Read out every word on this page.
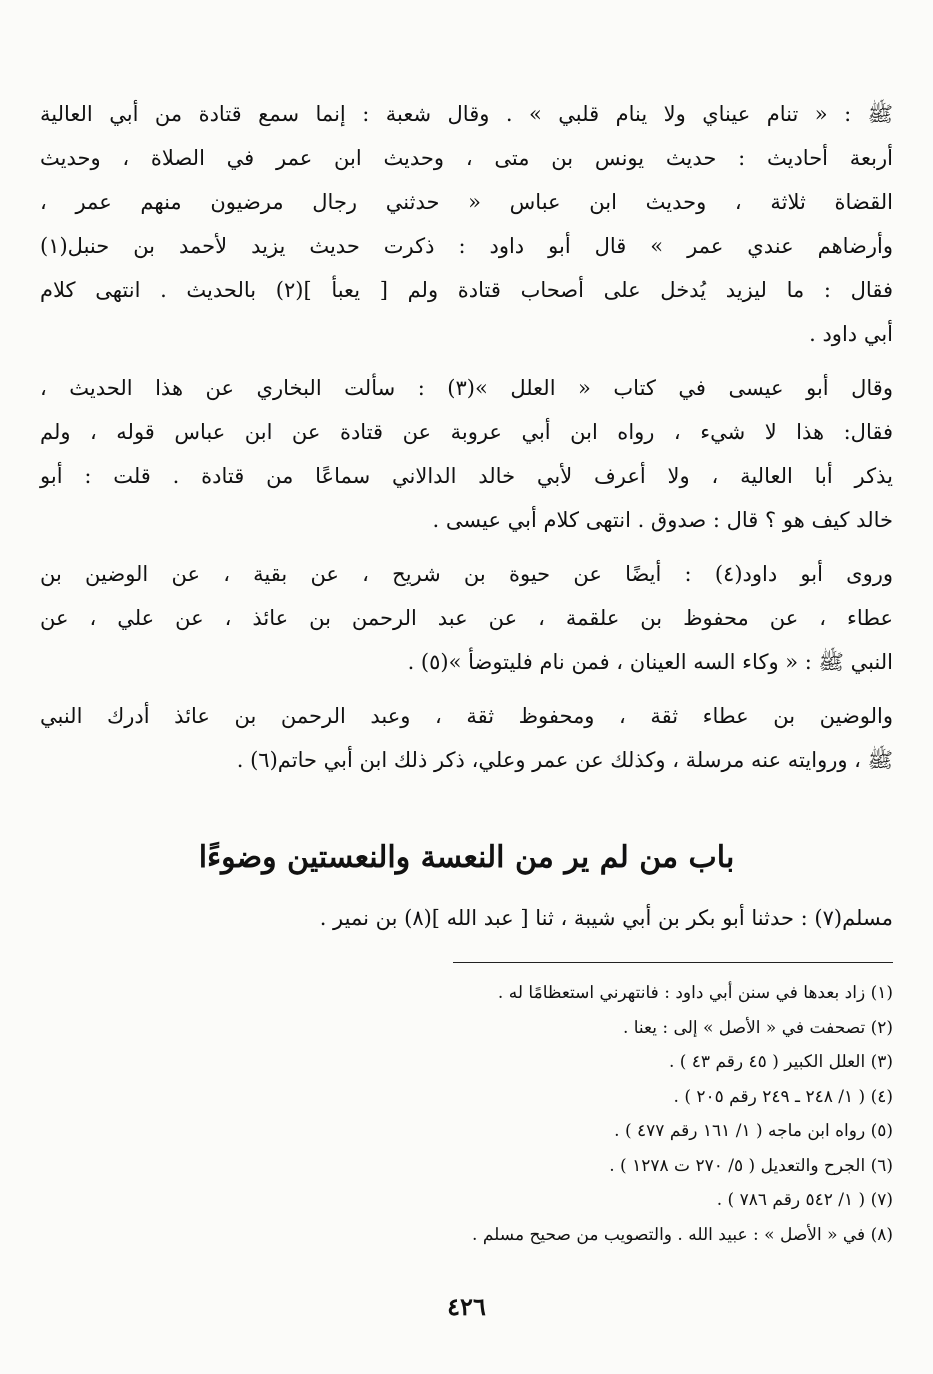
ﷺ : « تنام عيناي ولا ينام قلبي » . وقال شعبة : إنما سمع قتادة من أبي العالية
أربعة أحاديث : حديث يونس بن متى ، وحديث ابن عمر في الصلاة ، وحديث
القضاة ثلاثة ، وحديث ابن عباس « حدثني رجال مرضيون منهم عمر ،
وأرضاهم عندي عمر » قال أبو داود : ذكرت حديث يزيد لأحمد بن حنبل(١)
فقال : ما ليزيد يُدخل على أصحاب قتادة ولم [ يعبأ ](٢) بالحديث . انتهى كلام
أبي داود .
وقال أبو عيسى في كتاب « العلل »(٣) : سألت البخاري عن هذا الحديث ،
فقال: هذا لا شيء ، رواه ابن أبي عروبة عن قتادة عن ابن عباس قوله ، ولم
يذكر أبا العالية ، ولا أعرف لأبي خالد الدالاني سماعًا من قتادة . قلت : أبو
خالد كيف هو ؟ قال : صدوق . انتهى كلام أبي عيسى .
وروى أبو داود(٤) : أيضًا عن حيوة بن شريح ، عن بقية ، عن الوضين بن
عطاء ، عن محفوظ بن علقمة ، عن عبد الرحمن بن عائذ ، عن علي ، عن
النبي ﷺ : « وكاء السه العينان ، فمن نام فليتوضأ »(٥) .
والوضين بن عطاء ثقة ، ومحفوظ ثقة ، وعبد الرحمن بن عائذ أدرك النبي
ﷺ ، وروايته عنه مرسلة ، وكذلك عن عمر وعلي، ذكر ذلك ابن أبي حاتم(٦) .
باب من لم ير من النعسة والنعستين وضوءًا
مسلم(٧) : حدثنا أبو بكر بن أبي شيبة ، ثنا [ عبد الله ](٨) بن نمير .
(١) زاد بعدها في سنن أبي داود : فانتهرني استعظامًا له .
(٢) تصحفت في « الأصل » إلى : يعنا .
(٣) العلل الكبير ( ٤٥ رقم ٤٣ ) .
(٤) ( ١/ ٢٤٨ ـ ٢٤٩ رقم ٢٠٥ ) .
(٥) رواه ابن ماجه ( ١/ ١٦١ رقم ٤٧٧ ) .
(٦) الجرح والتعديل ( ٥/ ٢٧٠ ت ١٢٧٨ ) .
(٧) ( ١/ ٥٤٢ رقم ٧٨٦ ) .
(٨) في « الأصل » : عبيد الله . والتصويب من صحيح مسلم .
٤٢٦
